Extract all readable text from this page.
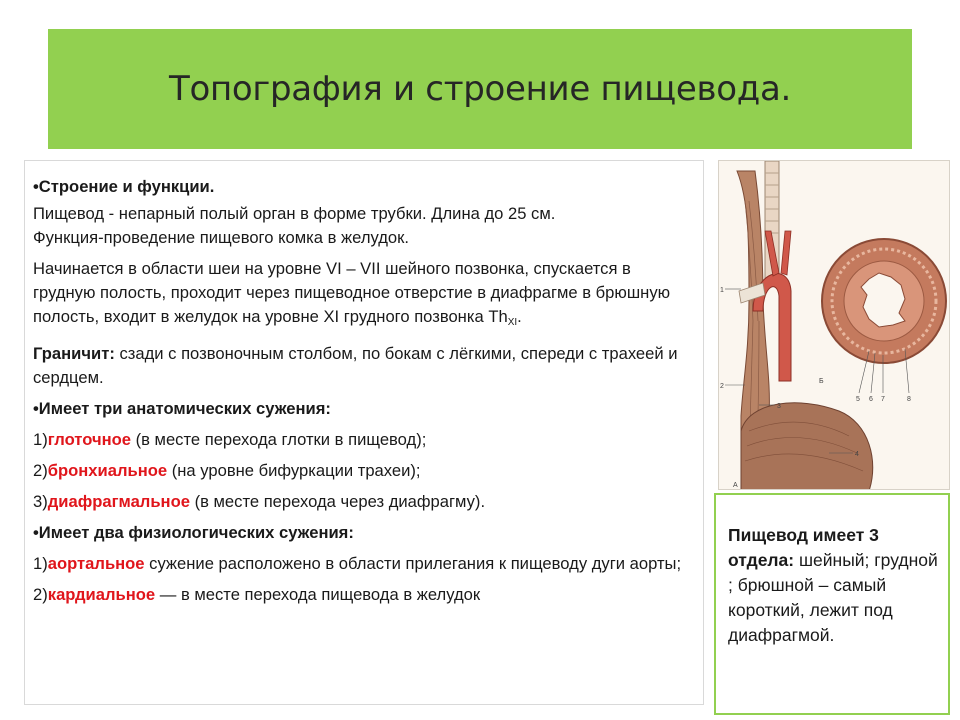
Топография и строение пищевода.

•Строение и функции.

Пищевод - непарный полый орган в форме трубки. Длина до 25 см.
Функция-проведение пищевого комка в желудок.

Начинается в области шеи на уровне VI – VII шейного позвонка, спускается в грудную полость, проходит через пищеводное отверстие в диафрагме в брюшную полость, входит в желудок на уровне XI грудного позвонка $Th_{XI}$.

Граничит: сзади с позвоночным столбом, по бокам с лёгкими, спереди с трахеей и сердцем.

•Имеет три анатомических сужения:

1)глоточное (в месте перехода глотки в пищевод);

2)бронхиальное (на уровне бифуркации трахеи);

3)диафрагмальное (в месте перехода через диафрагму).

•Имеет два физиологических сужения:

1)аортальное сужение расположено в области прилегания к пищеводу дуги аорты;

2)кардиальное — в месте перехода пищевода в желудок

1
2
3
4
5 6 7	8
А
Б
Пищевод имеет 3 отдела: шейный; грудной ; брюшной – самый короткий, лежит под диафрагмой.
